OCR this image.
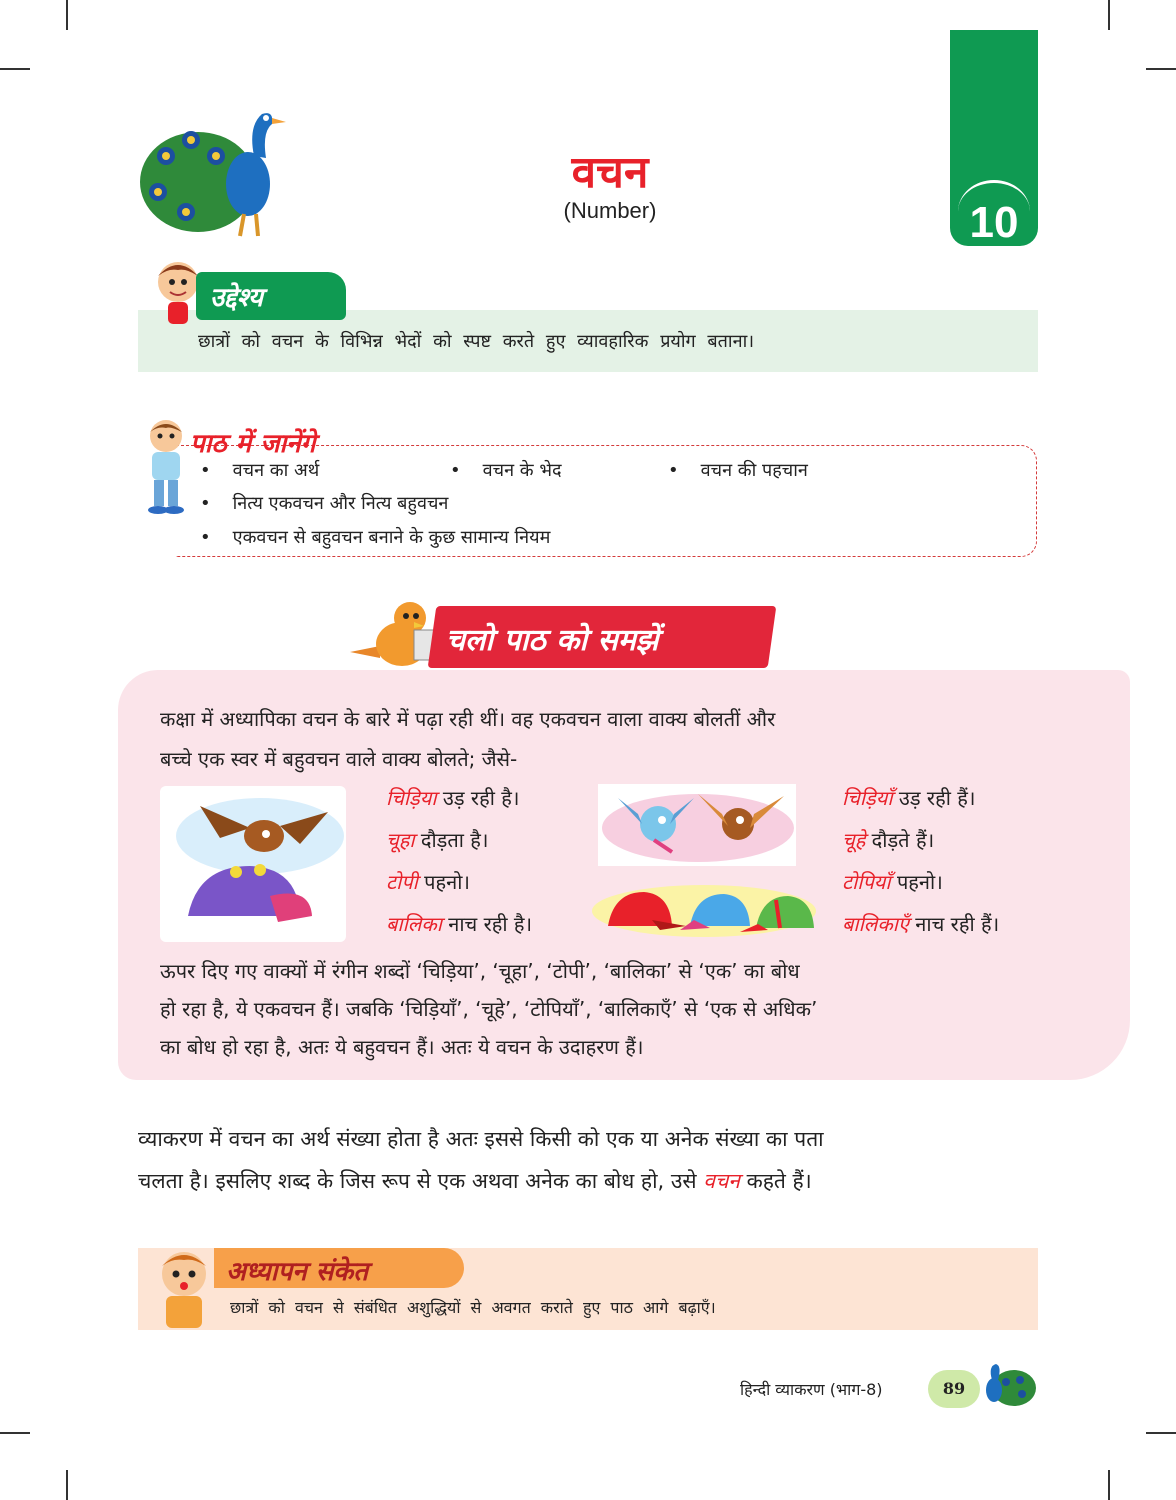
10
वचन
(Number)
उद्देश्य
छात्रों को वचन के विभिन्न भेदों को स्पष्ट करते हुए व्यावहारिक प्रयोग बताना।
पाठ में जानेंगे
• वचन का अर्थ	• वचन के भेद	• वचन की पहचान
• नित्य एकवचन और नित्य बहुवचन
• एकवचन से बहुवचन बनाने के कुछ सामान्य नियम
चलो पाठ को समझें
कक्षा में अध्यापिका वचन के बारे में पढ़ा रही थीं। वह एकवचन वाला वाक्य बोलतीं और
बच्चे एक स्वर में बहुवचन वाले वाक्य बोलते; जैसे-
चिड़िया उड़ रही है।
चूहा दौड़ता है।
टोपी पहनो।
बालिका नाच रही है।
चिड़ियाँ उड़ रही हैं।
चूहे दौड़ते हैं।
टोपियाँ पहनो।
बालिकाएँ नाच रही हैं।
ऊपर दिए गए वाक्यों में रंगीन शब्दों ‘चिड़िया’, ‘चूहा’, ‘टोपी’, ‘बालिका’ से ‘एक’ का बोध
हो रहा है, ये एकवचन हैं। जबकि ‘चिड़ियाँ’, ‘चूहे’, ‘टोपियाँ’, ‘बालिकाएँ’ से ‘एक से अधिक’
का बोध हो रहा है, अतः ये बहुवचन हैं। अतः ये वचन के उदाहरण हैं।
व्याकरण में वचन का अर्थ संख्या होता है अतः इससे किसी को एक या अनेक संख्या का पता
चलता है। इसलिए शब्द के जिस रूप से एक अथवा अनेक का बोध हो, उसे वचन कहते हैं।
अध्यापन संकेत
छात्रों को वचन से संबंधित अशुद्धियों से अवगत कराते हुए पाठ आगे बढ़ाएँ।
हिन्दी व्याकरण (भाग-8)	89
